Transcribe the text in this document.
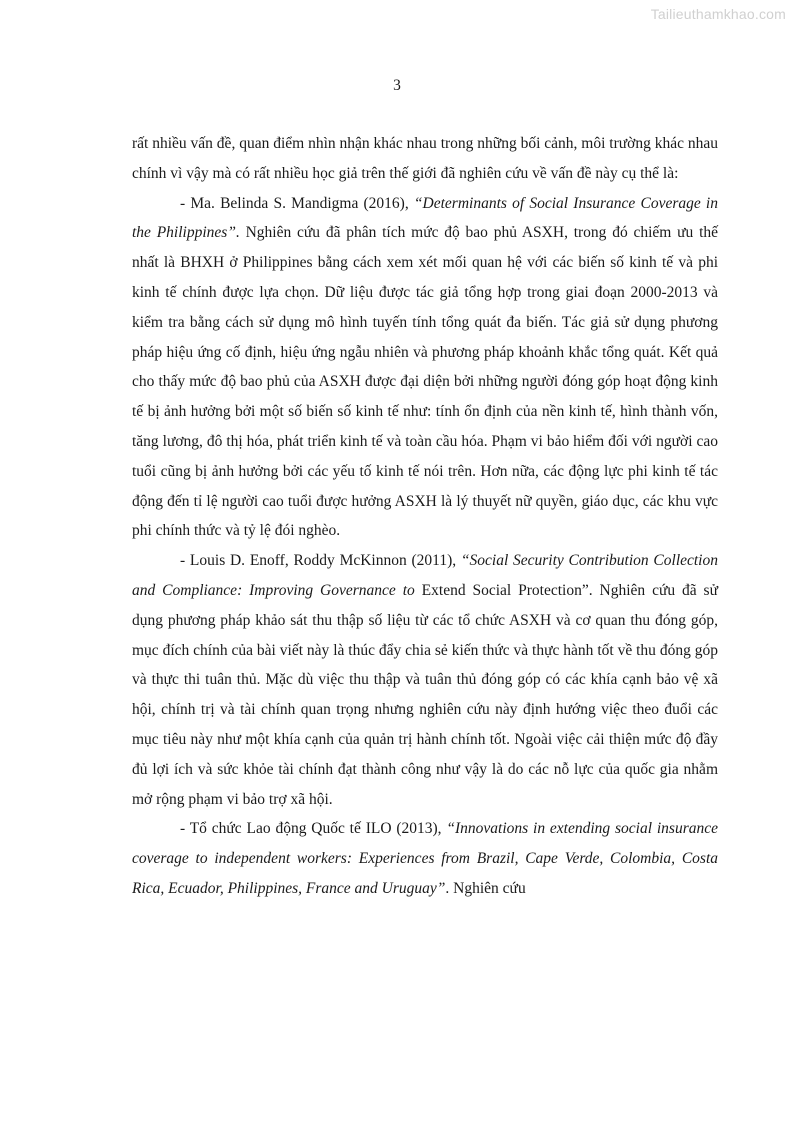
Tailieuthamkhao.com
3

rất nhiều vấn đề, quan điểm nhìn nhận khác nhau trong những bối cảnh, môi trường khác nhau chính vì vậy mà có rất nhiều học giả trên thế giới đã nghiên cứu về vấn đề này cụ thể là:

- Ma. Belinda S. Mandigma (2016), “Determinants of Social Insurance Coverage in the Philippines”. Nghiên cứu đã phân tích mức độ bao phủ ASXH, trong đó chiếm ưu thế nhất là BHXH ở Philippines bằng cách xem xét mối quan hệ với các biến số kinh tế và phi kinh tế chính được lựa chọn. Dữ liệu được tác giả tổng hợp trong giai đoạn 2000-2013 và kiểm tra bằng cách sử dụng mô hình tuyến tính tổng quát đa biến. Tác giả sử dụng phương pháp hiệu ứng cố định, hiệu ứng ngẫu nhiên và phương pháp khoảnh khắc tổng quát. Kết quả cho thấy mức độ bao phủ của ASXH được đại diện bởi những người đóng góp hoạt động kinh tế bị ảnh hưởng bởi một số biến số kinh tế như: tính ổn định của nền kinh tế, hình thành vốn, tăng lương, đô thị hóa, phát triển kinh tế và toàn cầu hóa. Phạm vi bảo hiểm đối với người cao tuổi cũng bị ảnh hưởng bởi các yếu tố kinh tế nói trên. Hơn nữa, các động lực phi kinh tế tác động đến tỉ lệ người cao tuổi được hưởng ASXH là lý thuyết nữ quyền, giáo dục, các khu vực phi chính thức và tỷ lệ đói nghèo.

- Louis D. Enoff, Roddy McKinnon (2011), “Social Security Contribution Collection and Compliance: Improving Governance to Extend Social Protection”. Nghiên cứu đã sử dụng phương pháp khảo sát thu thập số liệu từ các tổ chức ASXH và cơ quan thu đóng góp, mục đích chính của bài viết này là thúc đẩy chia sẻ kiến thức và thực hành tốt về thu đóng góp và thực thi tuân thủ. Mặc dù việc thu thập và tuân thủ đóng góp có các khía cạnh bảo vệ xã hội, chính trị và tài chính quan trọng nhưng nghiên cứu này định hướng việc theo đuổi các mục tiêu này như một khía cạnh của quản trị hành chính tốt. Ngoài việc cải thiện mức độ đầy đủ lợi ích và sức khỏe tài chính đạt thành công như vậy là do các nỗ lực của quốc gia nhằm mở rộng phạm vi bảo trợ xã hội.

- Tổ chức Lao động Quốc tế ILO (2013), “Innovations in extending social insurance coverage to independent workers: Experiences from Brazil, Cape Verde, Colombia, Costa Rica, Ecuador, Philippines, France and Uruguay”. Nghiên cứu
